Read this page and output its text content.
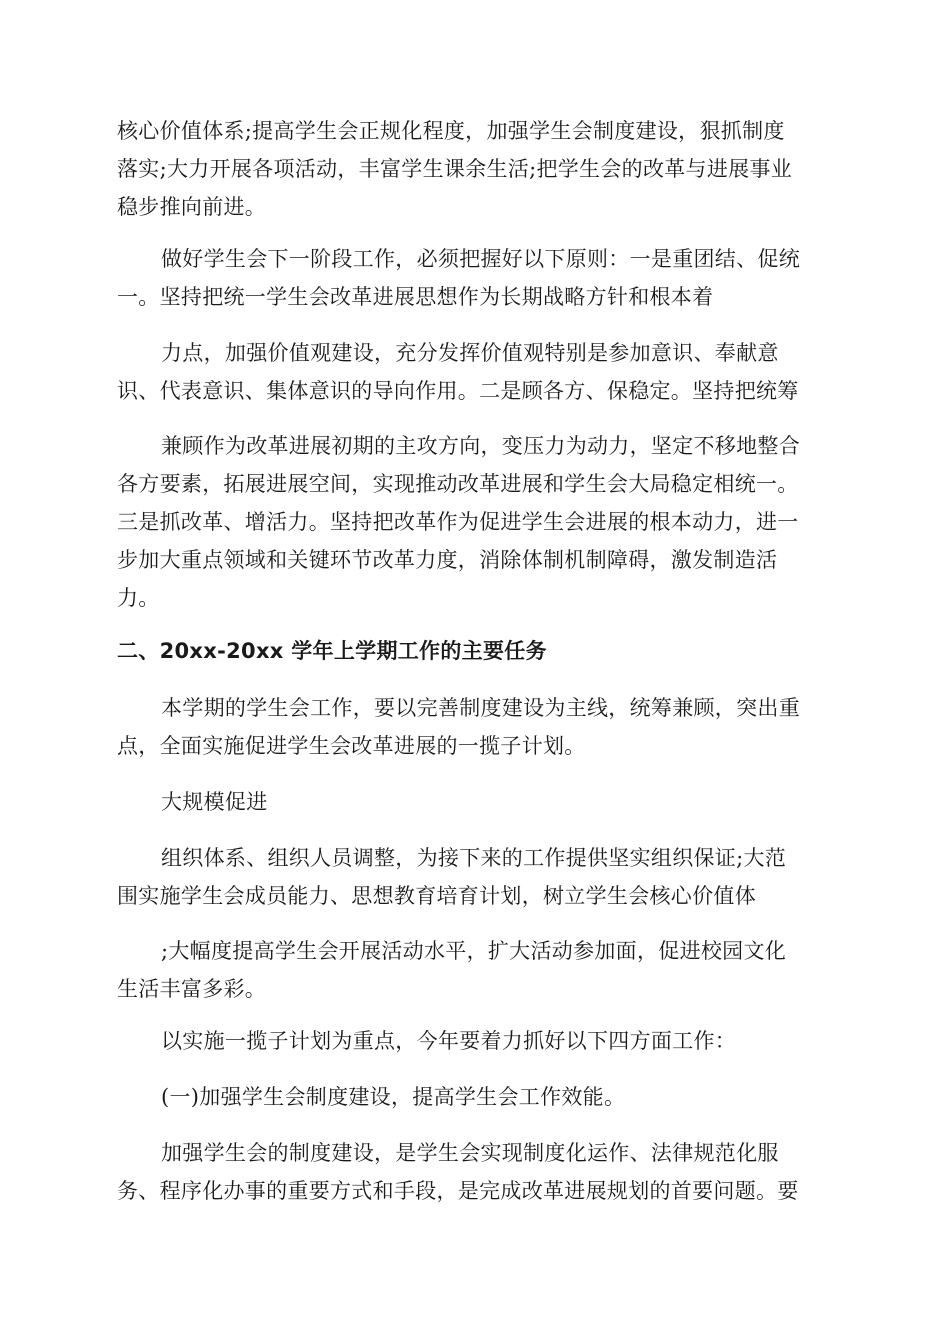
核心价值体系;提高学生会正规化程度，加强学生会制度建设，狠抓制度
落实;大力开展各项活动，丰富学生课余生活;把学生会的改革与进展事业
稳步推向前进。
做好学生会下一阶段工作，必须把握好以下原则：一是重团结、促统
一。坚持把统一学生会改革进展思想作为长期战略方针和根本着
力点，加强价值观建设，充分发挥价值观特别是参加意识、奉献意
识、代表意识、集体意识的导向作用。二是顾各方、保稳定。坚持把统筹
兼顾作为改革进展初期的主攻方向，变压力为动力，坚定不移地整合
各方要素，拓展进展空间，实现推动改革进展和学生会大局稳定相统一。
三是抓改革、增活力。坚持把改革作为促进学生会进展的根本动力，进一
步加大重点领域和关键环节改革力度，消除体制机制障碍，激发制造活
力。
二、20xx-20xx 学年上学期工作的主要任务
本学期的学生会工作，要以完善制度建设为主线，统筹兼顾，突出重
点，全面实施促进学生会改革进展的一揽子计划。
大规模促进
组织体系、组织人员调整，为接下来的工作提供坚实组织保证;大范
围实施学生会成员能力、思想教育培育计划，树立学生会核心价值体
;大幅度提高学生会开展活动水平，扩大活动参加面，促进校园文化
生活丰富多彩。
以实施一揽子计划为重点，今年要着力抓好以下四方面工作：
(一)加强学生会制度建设，提高学生会工作效能。
加强学生会的制度建设，是学生会实现制度化运作、法律规范化服
务、程序化办事的重要方式和手段，是完成改革进展规划的首要问题。要
